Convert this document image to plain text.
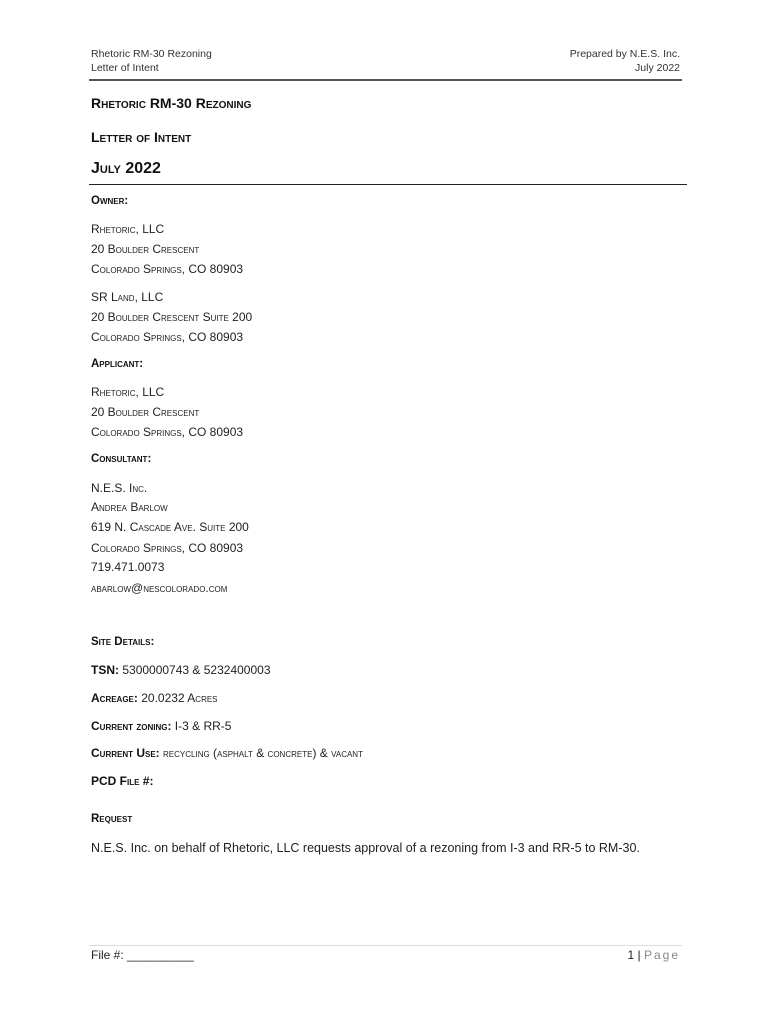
Rhetoric RM-30 Rezoning
Letter of Intent
Prepared by N.E.S. Inc.
July 2022
Rhetoric RM-30 Rezoning
Letter of Intent
July 2022
Owner:
Rhetoric, LLC
20 Boulder Crescent
Colorado Springs, CO 80903
SR Land, LLC
20 Boulder Crescent Suite 200
Colorado Springs, CO 80903
Applicant:
Rhetoric, LLC
20 Boulder Crescent
Colorado Springs, CO 80903
Consultant:
N.E.S. Inc.
Andrea Barlow
619 N. Cascade Ave. Suite 200
Colorado Springs, CO 80903
719.471.0073
abarlow@nescolorado.com
Site Details:
TSN: 5300000743 & 5232400003
Acreage: 20.0232 Acres
Current zoning: I-3 & RR-5
Current Use: recycling (asphalt & concrete) & vacant
PCD File #:
Request
N.E.S. Inc. on behalf of Rhetoric, LLC requests approval of a rezoning from I-3 and RR-5 to RM-30.
File #: __________	1 | Page
